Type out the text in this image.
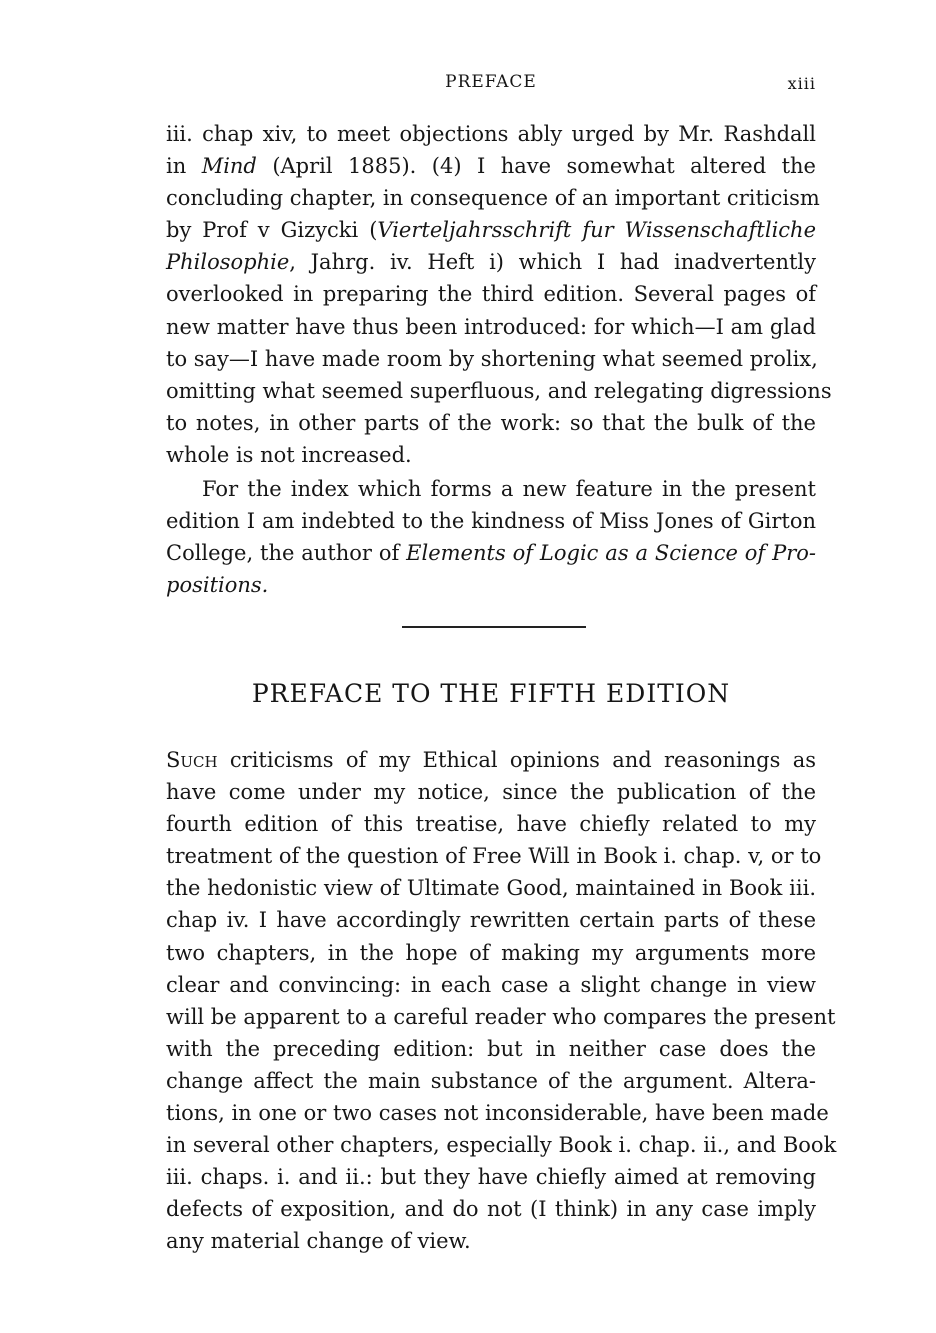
PREFACE	xiii
iii. chap xiv, to meet objections ably urged by Mr. Rashdall
in Mind (April 1885). (4) I have somewhat altered the
concluding chapter, in consequence of an important criticism
by Prof v Gizycki (Vierteljahrsschrift fur Wissenschaftliche
Philosophie, Jahrg. iv. Heft i) which I had inadvertently
overlooked in preparing the third edition. Several pages of
new matter have thus been introduced: for which—I am glad
to say—I have made room by shortening what seemed prolix,
omitting what seemed superfluous, and relegating digressions
to notes, in other parts of the work: so that the bulk of the
whole is not increased.
For the index which forms a new feature in the present
edition I am indebted to the kindness of Miss Jones of Girton
College, the author of Elements of Logic as a Science of Pro-
positions.
PREFACE TO THE FIFTH EDITION
Such criticisms of my Ethical opinions and reasonings as
have come under my notice, since the publication of the
fourth edition of this treatise, have chiefly related to my
treatment of the question of Free Will in Book i. chap. v, or to
the hedonistic view of Ultimate Good, maintained in Book iii.
chap iv. I have accordingly rewritten certain parts of these
two chapters, in the hope of making my arguments more
clear and convincing: in each case a slight change in view
will be apparent to a careful reader who compares the present
with the preceding edition: but in neither case does the
change affect the main substance of the argument. Altera-
tions, in one or two cases not inconsiderable, have been made
in several other chapters, especially Book i. chap. ii., and Book
iii. chaps. i. and ii.: but they have chiefly aimed at removing
defects of exposition, and do not (I think) in any case imply
any material change of view.
